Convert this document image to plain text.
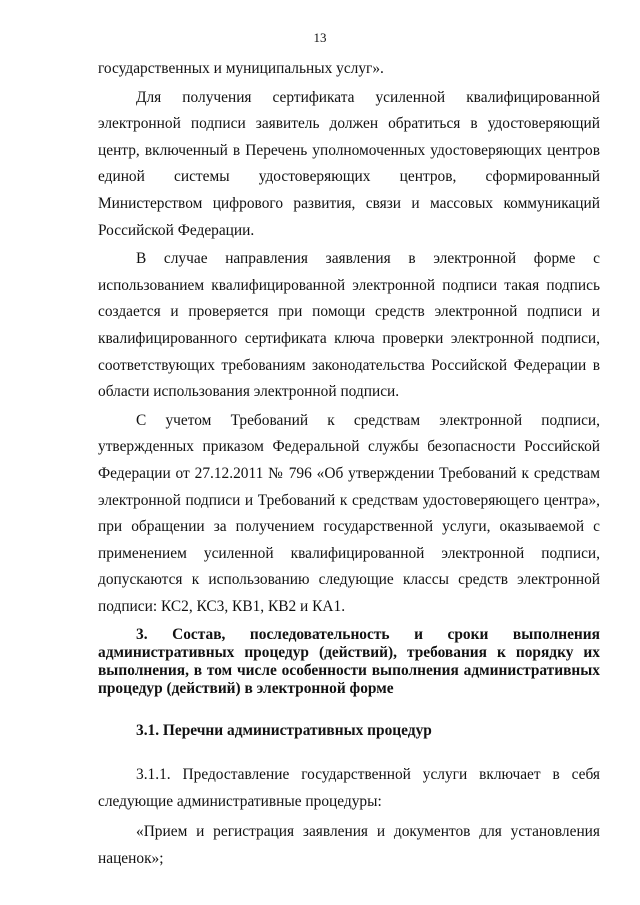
13

государственных и муниципальных услуг».

Для получения сертификата усиленной квалифицированной электронной подписи заявитель должен обратиться в удостоверяющий центр, включенный в Перечень уполномоченных удостоверяющих центров единой системы удостоверяющих центров, сформированный Министерством цифрового развития, связи и массовых коммуникаций Российской Федерации.

В случае направления заявления в электронной форме с использованием квалифицированной электронной подписи такая подпись создается и проверяется при помощи средств электронной подписи и квалифицированного сертификата ключа проверки электронной подписи, соответствующих требованиям законодательства Российской Федерации в области использования электронной подписи.

С учетом Требований к средствам электронной подписи, утвержденных приказом Федеральной службы безопасности Российской Федерации от 27.12.2011 № 796 «Об утверждении Требований к средствам электронной подписи и Требований к средствам удостоверяющего центра», при обращении за получением государственной услуги, оказываемой с применением усиленной квалифицированной электронной подписи, допускаются к использованию следующие классы средств электронной подписи: КС2, КС3, КВ1, КВ2 и КА1.

3. Состав, последовательность и сроки выполнения административных процедур (действий), требования к порядку их выполнения, в том числе особенности выполнения административных процедур (действий) в электронной форме

3.1. Перечни административных процедур

3.1.1. Предоставление государственной услуги включает в себя следующие административные процедуры:

«Прием и регистрация заявления и документов для установления наценок»;
